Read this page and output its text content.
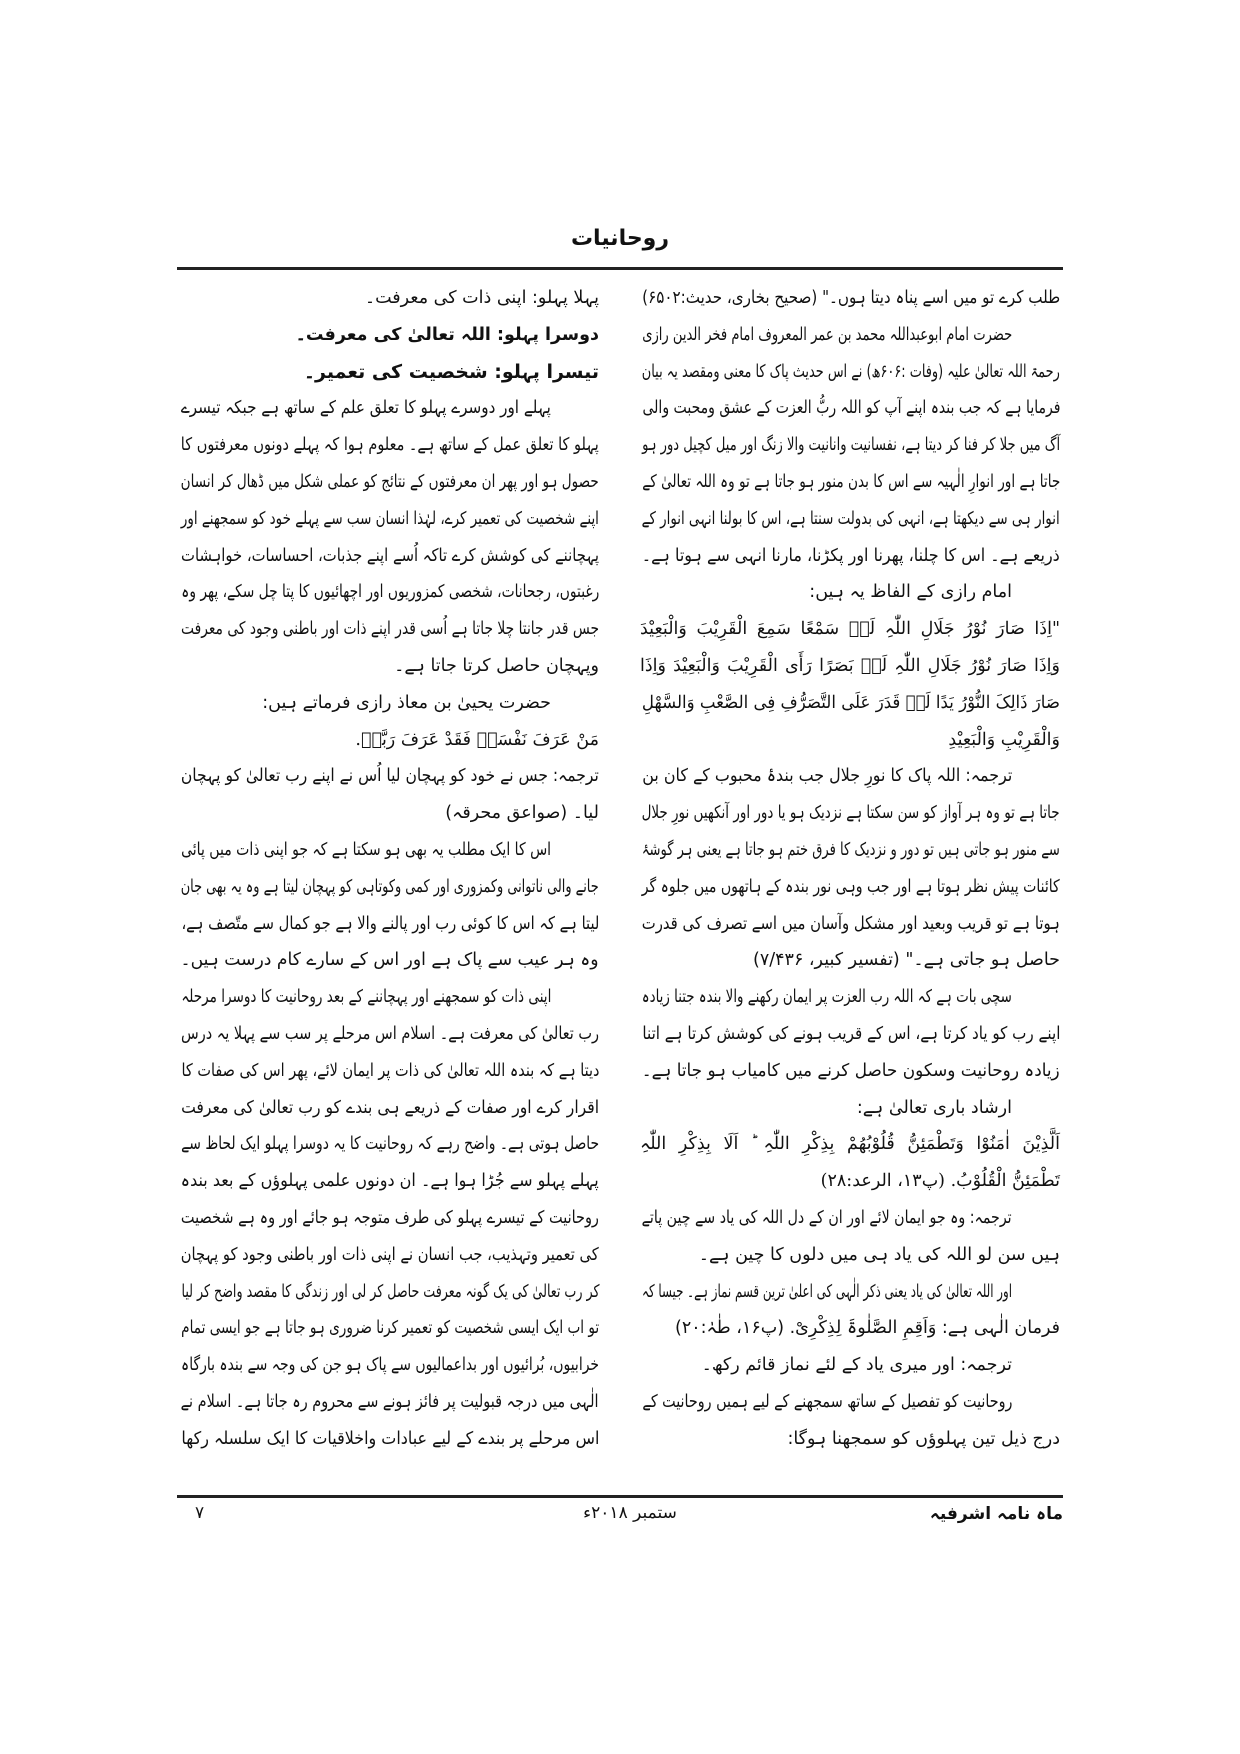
روحانیات
طلب کرے تو میں اسے پناہ دیتا ہوں۔" (صحیح بخاری، حدیث:۶۵۰۲)
حضرت امام ابوعبداللہ محمد بن عمر المعروف امام فخر الدین رازی
رحمۃ اللہ تعالیٰ علیہ (وفات :۶۰۶ھ) نے اس حدیث پاک کا معنی ومقصد یہ بیان
فرمایا ہے کہ جب بندہ اپنے آپ کو اللہ ربُّ العزت کے عشق ومحبت والی
آگ میں جلا کر فنا کر دیتا ہے، نفسانیت وانانیت والا زنگ اور میل کچیل دور ہو
جاتا ہے اور انوارِ الٰہیہ سے اس کا بدن منور ہو جاتا ہے تو وہ اللہ تعالیٰ کے
انوار ہی سے دیکھتا ہے، انہی کی بدولت سنتا ہے، اس کا بولنا انہی انوار کے
ذریعے ہے۔ اس کا چلنا، پھرنا اور پکڑنا، مارنا انہی سے ہوتا ہے۔
امام رازی کے الفاظ یہ ہیں:
"اِذَا صَارَ نُوْرُ جَلَالِ اللّٰہِ لَہٗ سَمْعًا سَمِعَ الْقَرِیْبَ وَالْبَعِیْدَ
وَاِذَا صَارَ نُوْرُ جَلَالِ اللّٰہِ لَہٗ بَصَرًا رَأَی الْقَرِیْبَ وَالْبَعِیْدَ وَاِذَا
صَارَ ذَالِکَ النُّوْرُ یَدًا لَہٗ قَدَرَ عَلَی التَّصَرُّفِ فِی الصَّعْبِ وَالسَّھْلِ
وَالْقَرِیْبِ وَالْبَعِیْدِ
ترجمہ: اللہ پاک کا نورِ جلال جب بندۂ محبوب کے کان بن
جاتا ہے تو وہ ہر آواز کو سن سکتا ہے نزدیک ہو یا دور اور آنکھیں نورِ جلال
سے منور ہو جاتی ہیں تو دور و نزدیک کا فرق ختم ہو جاتا ہے یعنی ہر گوشۂ
کائنات پیش نظر ہوتا ہے اور جب وہی نور بندہ کے ہاتھوں میں جلوہ گر
ہوتا ہے تو قریب وبعید اور مشکل وآسان میں اسے تصرف کی قدرت
حاصل ہو جاتی ہے۔" (تفسیر کبیر، ۷/۴۳۶)
سچی بات ہے کہ اللہ رب العزت پر ایمان رکھنے والا بندہ جتنا زیادہ
اپنے رب کو یاد کرتا ہے، اس کے قریب ہونے کی کوشش کرتا ہے اتنا
زیادہ روحانیت وسکون حاصل کرنے میں کامیاب ہو جاتا ہے۔
ارشاد باری تعالیٰ ہے:
اَلَّذِیْنَ اٰمَنُوْا وَتَطْمَئِنُّ قُلُوْبُھُمْ بِذِکْرِ اللّٰہِ ؕ اَلَا بِذِکْرِ اللّٰہِ
تَطْمَئِنُّ الْقُلُوْبُ. (پ۱۳، الرعد:۲۸)
ترجمہ: وہ جو ایمان لائے اور ان کے دل اللہ کی یاد سے چین پاتے
ہیں سن لو اللہ کی یاد ہی میں دلوں کا چین ہے۔
اور اللہ تعالیٰ کی یاد یعنی ذکر الٰہی کی اعلیٰ ترین قسم نماز ہے۔ جیسا کہ
فرمان الٰہی ہے: وَاَقِمِ الصَّلٰوۃَ لِذِکْرِیْ. (پ۱۶، طٰہٰ:۲۰)
ترجمہ: اور میری یاد کے لئے نماز قائم رکھ۔
روحانیت کو تفصیل کے ساتھ سمجھنے کے لیے ہمیں روحانیت کے
درج ذیل تین پہلوؤں کو سمجھنا ہوگا:
پہلا پہلو: اپنی ذات کی معرفت۔
دوسرا پہلو: اللہ تعالیٰ کی معرفت۔
تیسرا پہلو: شخصیت کی تعمیر۔
پہلے اور دوسرے پہلو کا تعلق علم کے ساتھ ہے جبکہ تیسرے
پہلو کا تعلق عمل کے ساتھ ہے۔ معلوم ہوا کہ پہلے دونوں معرفتوں کا
حصول ہو اور پھر ان معرفتوں کے نتائج کو عملی شکل میں ڈھال کر انسان
اپنے شخصیت کی تعمیر کرے، لہٰذا انسان سب سے پہلے خود کو سمجھنے اور
پہچاننے کی کوشش کرے تاکہ اُسے اپنے جذبات، احساسات، خواہشات
رغبتوں، رجحانات، شخصی کمزوریوں اور اچھائیوں کا پتا چل سکے، پھر وہ
جس قدر جانتا چلا جاتا ہے اُسی قدر اپنے ذات اور باطنی وجود کی معرفت
وپہچان حاصل کرتا جاتا ہے۔
حضرت یحییٰ بن معاذ رازی فرماتے ہیں:
مَنْ عَرَفَ نَفْسَہٗ فَقَدْ عَرَفَ رَبَّہٗ.
ترجمہ: جس نے خود کو پہچان لیا اُس نے اپنے رب تعالیٰ کو پہچان
لیا۔ (صواعق محرقہ)
اس کا ایک مطلب یہ بھی ہو سکتا ہے کہ جو اپنی ذات میں پائی
جانے والی ناتوانی وکمزوری اور کمی وکوتاہی کو پہچان لیتا ہے وہ یہ بھی جان
لیتا ہے کہ اس کا کوئی رب اور پالنے والا ہے جو کمال سے متّصف ہے،
وہ ہر عیب سے پاک ہے اور اس کے سارے کام درست ہیں۔
اپنی ذات کو سمجھنے اور پہچاننے کے بعد روحانیت کا دوسرا مرحلہ
رب تعالیٰ کی معرفت ہے۔ اسلام اس مرحلے پر سب سے پہلا یہ درس
دیتا ہے کہ بندہ اللہ تعالیٰ کی ذات پر ایمان لائے، پھر اس کی صفات کا
اقرار کرے اور صفات کے ذریعے ہی بندے کو رب تعالیٰ کی معرفت
حاصل ہوتی ہے۔ واضح رہے کہ روحانیت کا یہ دوسرا پہلو ایک لحاظ سے
پہلے پہلو سے جُڑا ہوا ہے۔ ان دونوں علمی پہلوؤں کے بعد بندہ
روحانیت کے تیسرے پہلو کی طرف متوجہ ہو جائے اور وہ ہے شخصیت
کی تعمیر وتہذیب، جب انسان نے اپنی ذات اور باطنی وجود کو پہچان
کر رب تعالیٰ کی یک گونہ معرفت حاصل کر لی اور زندگی کا مقصد واضح کر لیا
تو اب ایک ایسی شخصیت کو تعمیر کرنا ضروری ہو جاتا ہے جو ایسی تمام
خرابیوں، بُرائیوں اور بداعمالیوں سے پاک ہو جن کی وجہ سے بندہ بارگاہ
الٰہی میں درجہ قبولیت پر فائز ہونے سے محروم رہ جاتا ہے۔ اسلام نے
اس مرحلے پر بندے کے لیے عبادات واخلاقیات کا ایک سلسلہ رکھا
ماہ نامہ اشرفیہ
ستمبر ۲۰۱۸ء
۷
